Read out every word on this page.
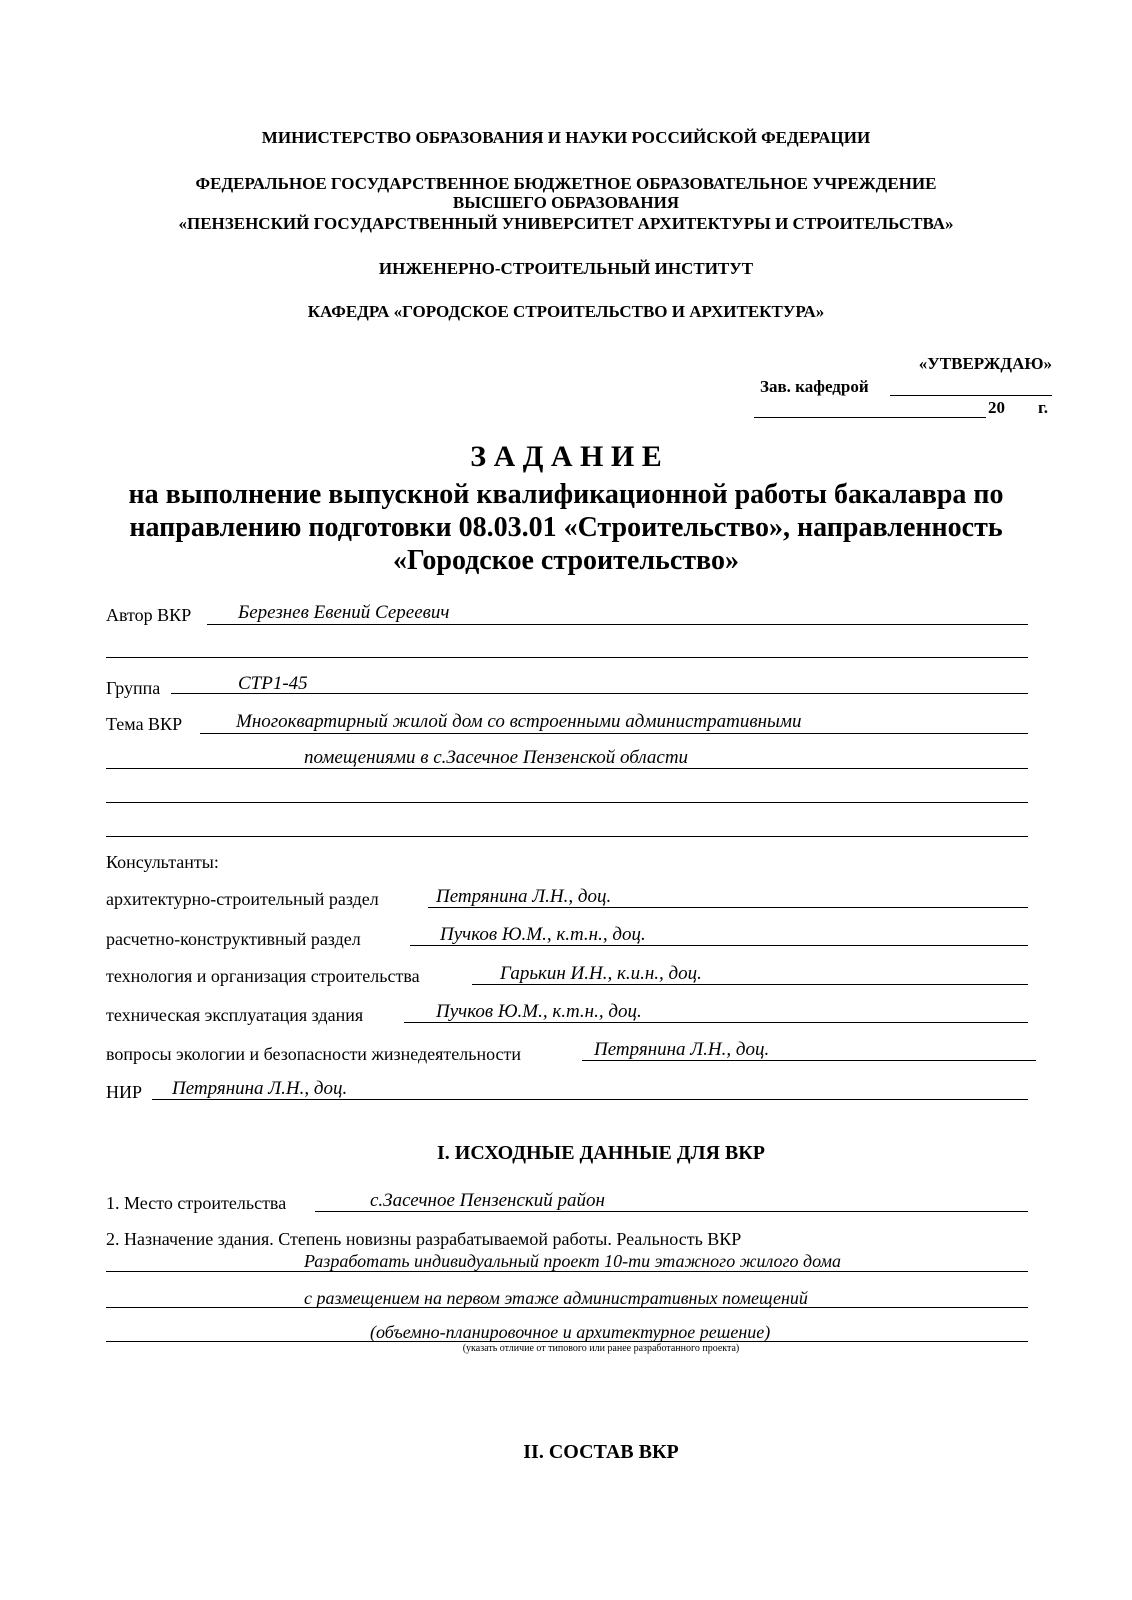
МИНИСТЕРСТВО ОБРАЗОВАНИЯ И НАУКИ РОССИЙСКОЙ ФЕДЕРАЦИИ
ФЕДЕРАЛЬНОЕ ГОСУДАРСТВЕННОЕ БЮДЖЕТНОЕ ОБРАЗОВАТЕЛЬНОЕ УЧРЕЖДЕНИЕ
ВЫСШЕГО ОБРАЗОВАНИЯ
«ПЕНЗЕНСКИЙ ГОСУДАРСТВЕННЫЙ УНИВЕРСИТЕТ АРХИТЕКТУРЫ И СТРОИТЕЛЬСТВА»
ИНЖЕНЕРНО-СТРОИТЕЛЬНЫЙ ИНСТИТУТ
КАФЕДРА «ГОРОДСКОЕ СТРОИТЕЛЬСТВО И АРХИТЕКТУРА»
«УТВЕРЖДАЮ»
Зав. кафедрой
20 г.
З А Д А Н И Е
на выполнение выпускной квалификационной работы бакалавра по
направлению подготовки 08.03.01 «Строительство», направленность
«Городское строительство»
Автор ВКР Березнев Евений Сереевич
Группа	СТР1-45
Тема ВКР	Многоквартирный жилой дом со встроенными административными
помещениями в с.Засечное Пензенской области
Консультанты:
архитектурно-строительный раздел	Петрянина Л.Н., доц.
расчетно-конструктивный раздел	Пучков Ю.М., к.т.н., доц.
технология и организация строительства	Гарькин И.Н., к.и.н., доц.
техническая эксплуатация здания	Пучков Ю.М., к.т.н., доц.
вопросы экологии и безопасности жизнедеятельности	Петрянина Л.Н., доц.
НИР Петрянина Л.Н., доц.
I. ИСХОДНЫЕ ДАННЫЕ ДЛЯ ВКР
1. Место строительства	с.Засечное Пензенский район
2. Назначение здания. Степень новизны разрабатываемой работы. Реальность ВКР
Разработать индивидуальный проект 10-ти этажного жилого дома
с размещением на первом этаже административных помещений
(объемно-планировочное и архитектурное решение)
(указать отличие от типового или ранее разработанного проекта)
II. СОСТАВ ВКР
